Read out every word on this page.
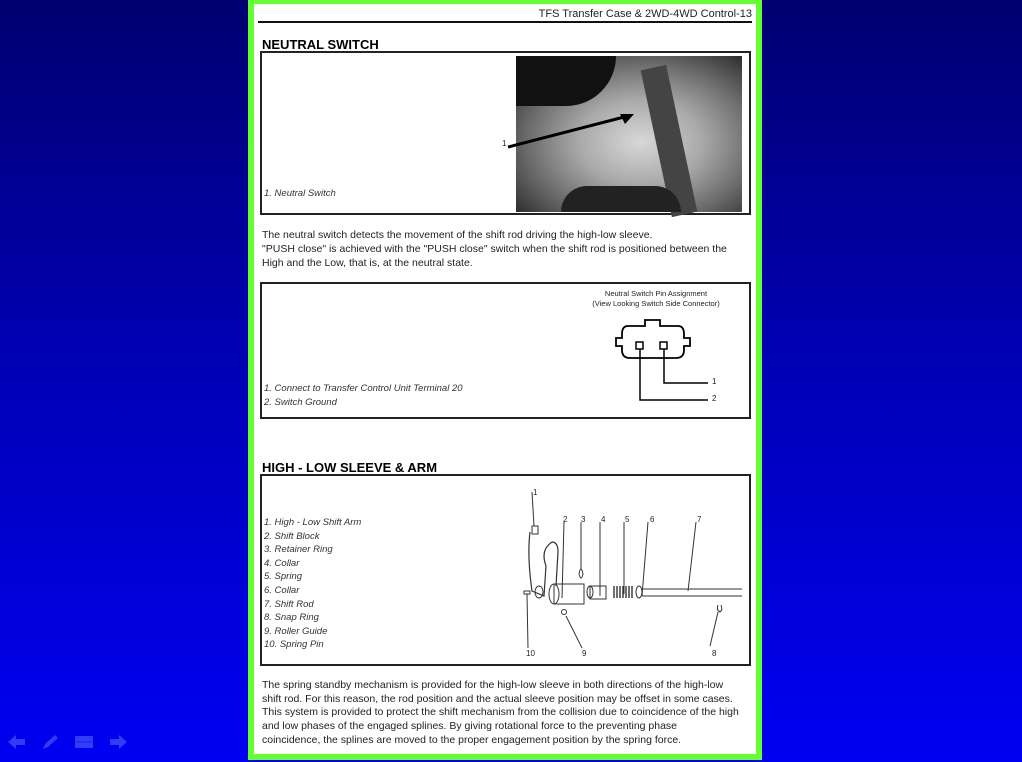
TFS Transfer Case & 2WD-4WD Control-13
NEUTRAL SWITCH
1
1. Neutral Switch
The neutral switch detects the movement of the shift rod driving the high-low sleeve.
"PUSH close" is achieved with the "PUSH close" switch when the shift rod is positioned between the
High and the Low, that is, at the neutral state.
Neutral Switch Pin Assignment
(View Looking Switch Side Connector)
1
2
1. Connect to Transfer Control Unit Terminal 20
2. Switch Ground
HIGH - LOW SLEEVE & ARM
1. High - Low Shift Arm
2. Shift Block
3. Retainer Ring
4. Collar
5. Spring
6. Collar
7. Shift Rod
8. Snap Ring
9. Roller Guide
10. Spring Pin
1
2 3 4 5	6	7
10	9	8
The spring standby mechanism is provided for the high-low sleeve in both directions of the high-low
shift rod. For this reason, the rod position and the actual sleeve position may be offset in some cases.
This system is provided to protect the shift mechanism from the collision due to coincidence of the high
and low phases of the engaged splines. By giving rotational force to the preventing phase
coincidence, the splines are moved to the proper engagement position by the spring force.
